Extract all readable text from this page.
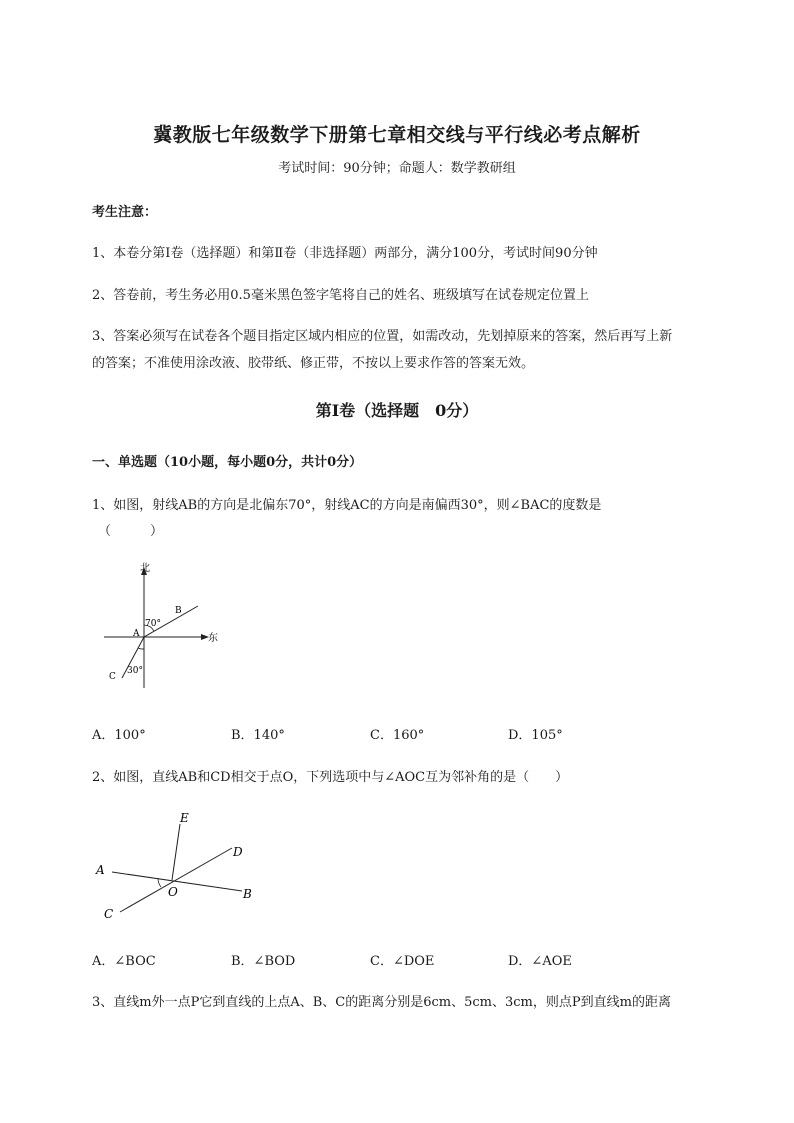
冀教版七年级数学下册第七章相交线与平行线必考点解析
考试时间：90分钟；命题人：数学教研组
考生注意：
1、本卷分第I卷（选择题）和第Ⅱ卷（非选择题）两部分，满分100分，考试时间90分钟
2、答卷前，考生务必用0.5毫米黑色签字笔将自己的姓名、班级填写在试卷规定位置上
3、答案必须写在试卷各个题目指定区域内相应的位置，如需改动，先划掉原来的答案，然后再写上新
的答案；不准使用涂改液、胶带纸、修正带，不按以上要求作答的答案无效。
第I卷（选择题　0分）
一、单选题（10小题，每小题0分，共计0分）
1、如图，射线AB的方向是北偏东70°，射线AC的方向是南偏西30°，则∠BAC的度数是
（　　　）
北
东
A
B
C
70°
30°
A．100°	B．140°	C．160°	D．105°
2、如图，直线AB和CD相交于点O，下列选项中与∠AOC互为邻补角的是（　　）
A
B
C
D
E
O
A．∠BOC	B．∠BOD	C．∠DOE	D．∠AOE
3、直线m外一点P它到直线的上点A、B、C的距离分别是6cm、5cm、3cm，则点P到直线m的距离
